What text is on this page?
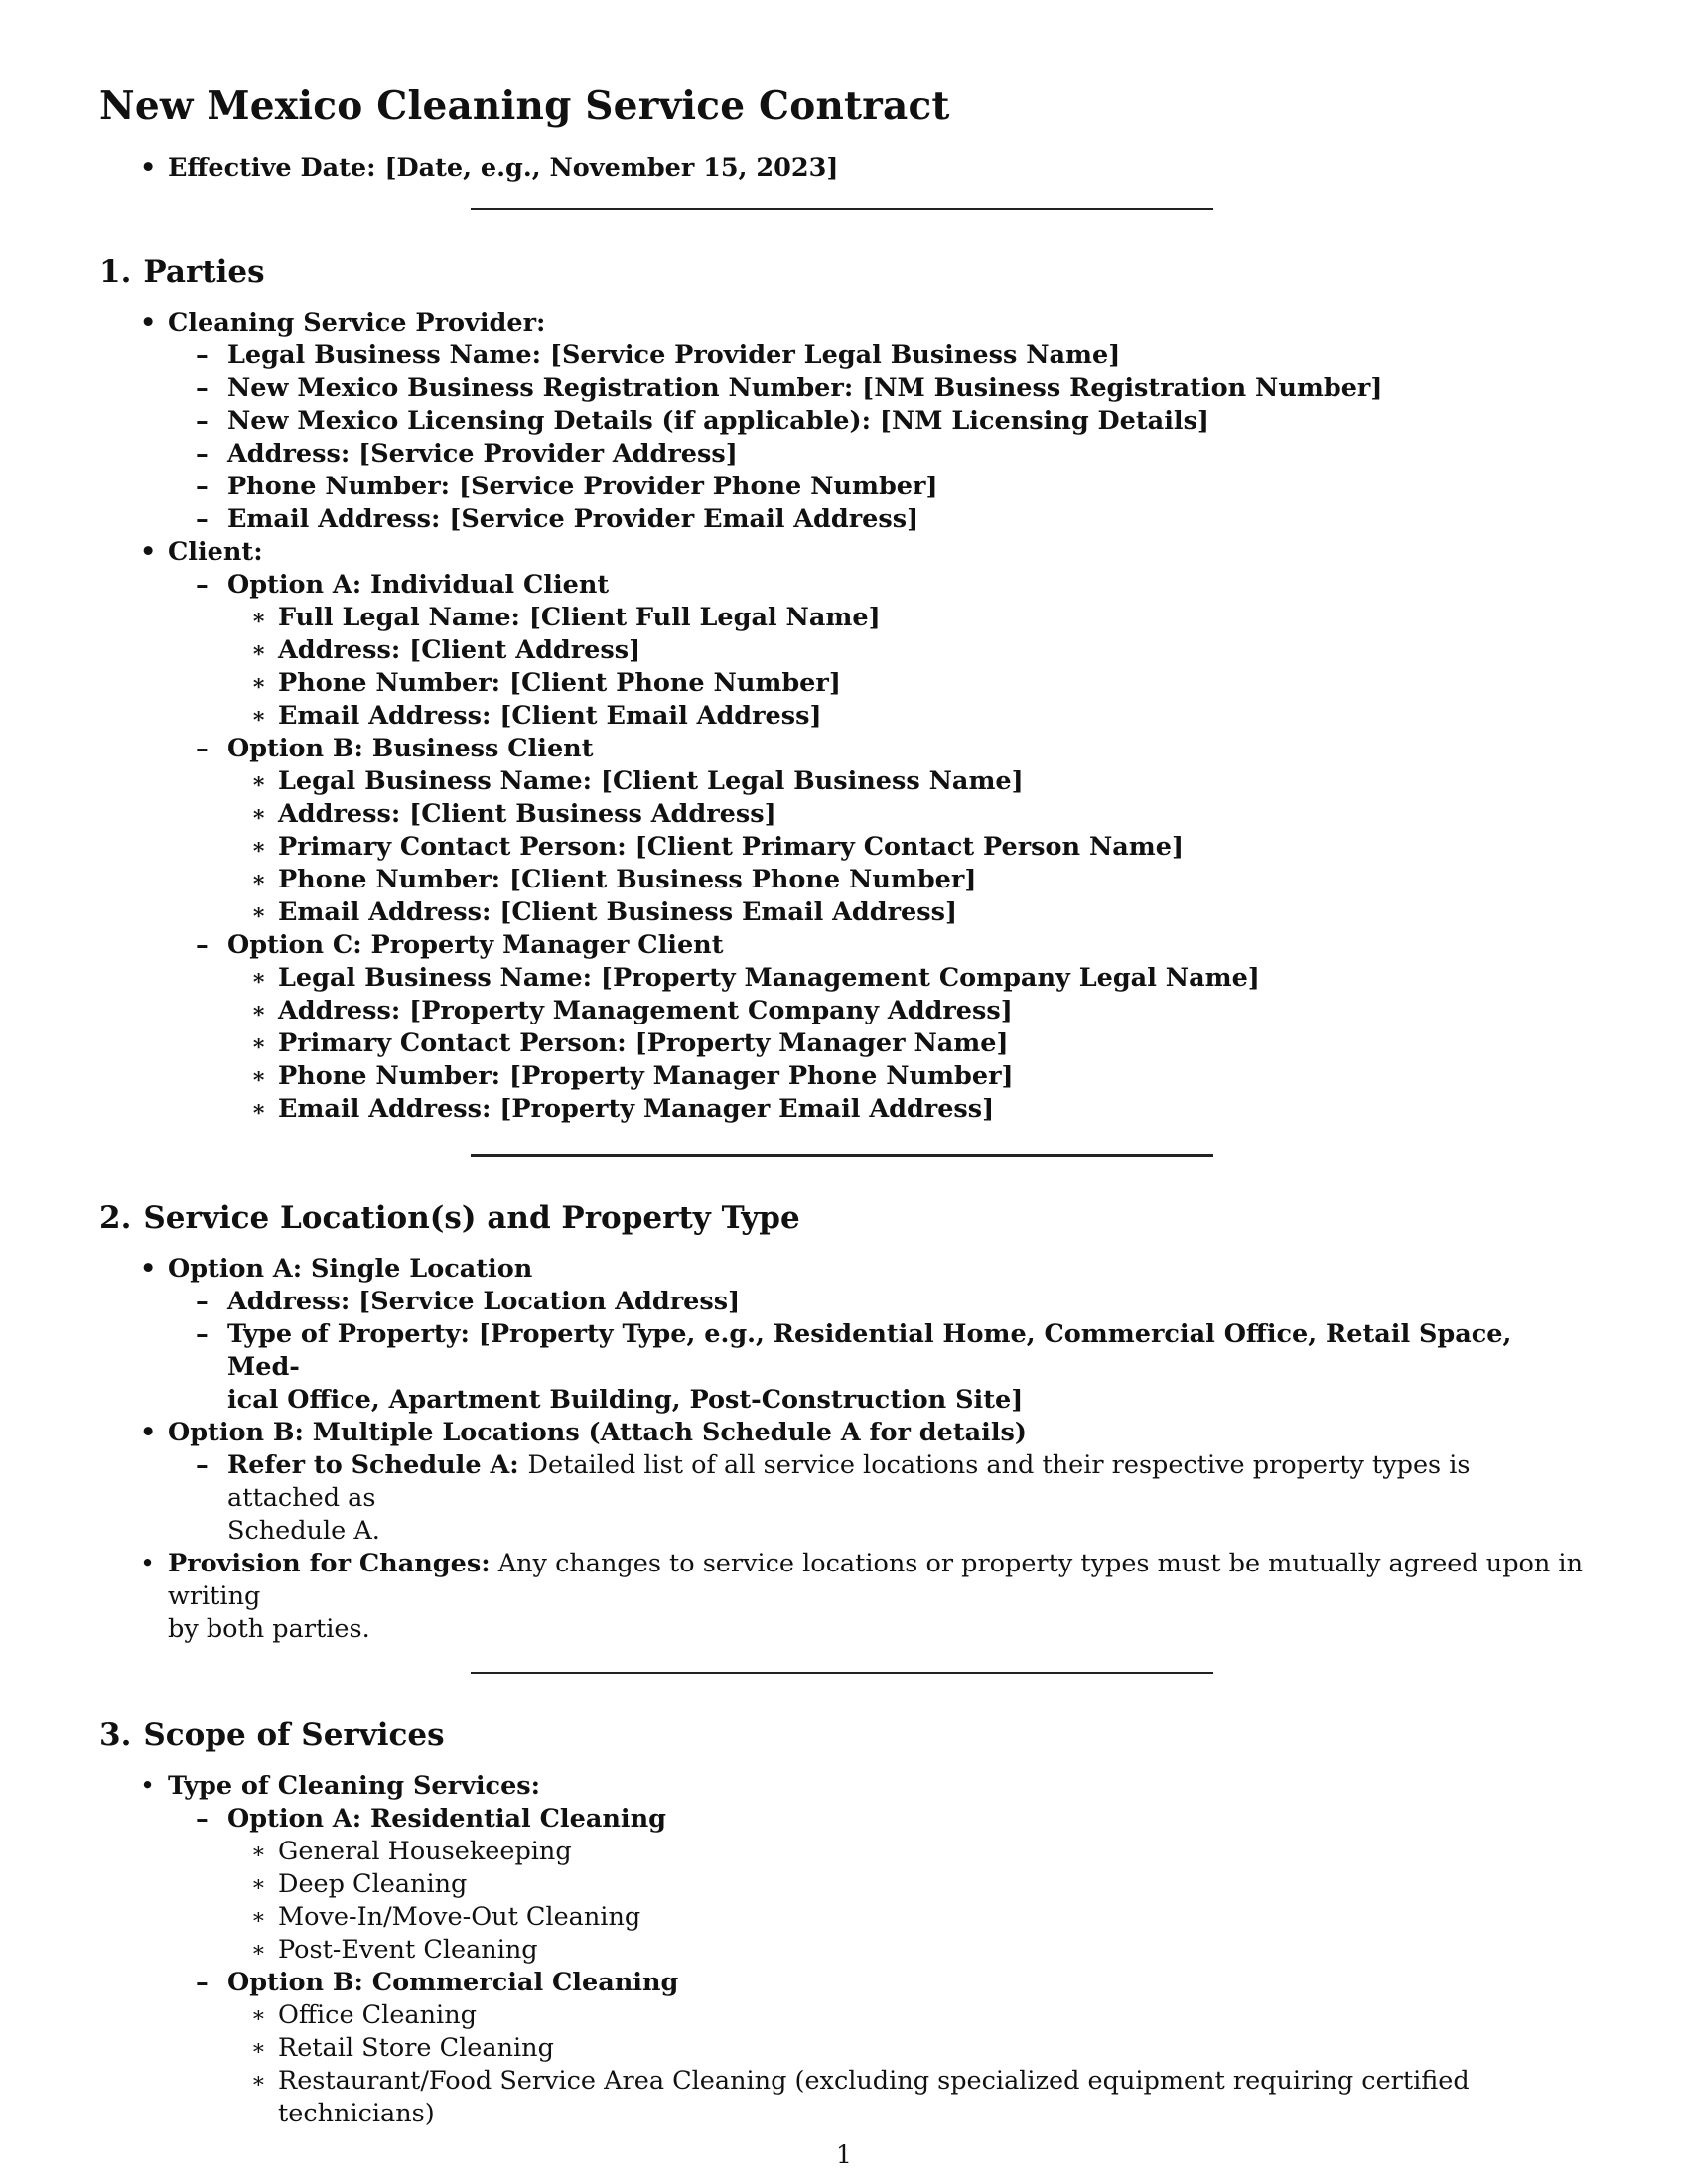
New Mexico Cleaning Service Contract
• Effective Date: [Date, e.g., November 15, 2023]
1. Parties
• Cleaning Service Provider:
– Legal Business Name: [Service Provider Legal Business Name]
– New Mexico Business Registration Number: [NM Business Registration Number]
– New Mexico Licensing Details (if applicable): [NM Licensing Details]
– Address: [Service Provider Address]
– Phone Number: [Service Provider Phone Number]
– Email Address: [Service Provider Email Address]
• Client:
– Option A: Individual Client
∗ Full Legal Name: [Client Full Legal Name]
∗ Address: [Client Address]
∗ Phone Number: [Client Phone Number]
∗ Email Address: [Client Email Address]
– Option B: Business Client
∗ Legal Business Name: [Client Legal Business Name]
∗ Address: [Client Business Address]
∗ Primary Contact Person: [Client Primary Contact Person Name]
∗ Phone Number: [Client Business Phone Number]
∗ Email Address: [Client Business Email Address]
– Option C: Property Manager Client
∗ Legal Business Name: [Property Management Company Legal Name]
∗ Address: [Property Management Company Address]
∗ Primary Contact Person: [Property Manager Name]
∗ Phone Number: [Property Manager Phone Number]
∗ Email Address: [Property Manager Email Address]
2. Service Location(s) and Property Type
• Option A: Single Location
– Address: [Service Location Address]
– Type of Property: [Property Type, e.g., Residential Home, Commercial Office, Retail Space, Med-
ical Office, Apartment Building, Post-Construction Site]
• Option B: Multiple Locations (Attach Schedule A for details)
– Refer to Schedule A: Detailed list of all service locations and their respective property types is attached as
Schedule A.
• Provision for Changes: Any changes to service locations or property types must be mutually agreed upon in writing
by both parties.
3. Scope of Services
• Type of Cleaning Services:
– Option A: Residential Cleaning
∗ General Housekeeping
∗ Deep Cleaning
∗ Move-In/Move-Out Cleaning
∗ Post-Event Cleaning
– Option B: Commercial Cleaning
∗ Office Cleaning
∗ Retail Store Cleaning
∗ Restaurant/Food Service Area Cleaning (excluding specialized equipment requiring certified technicians)
1
